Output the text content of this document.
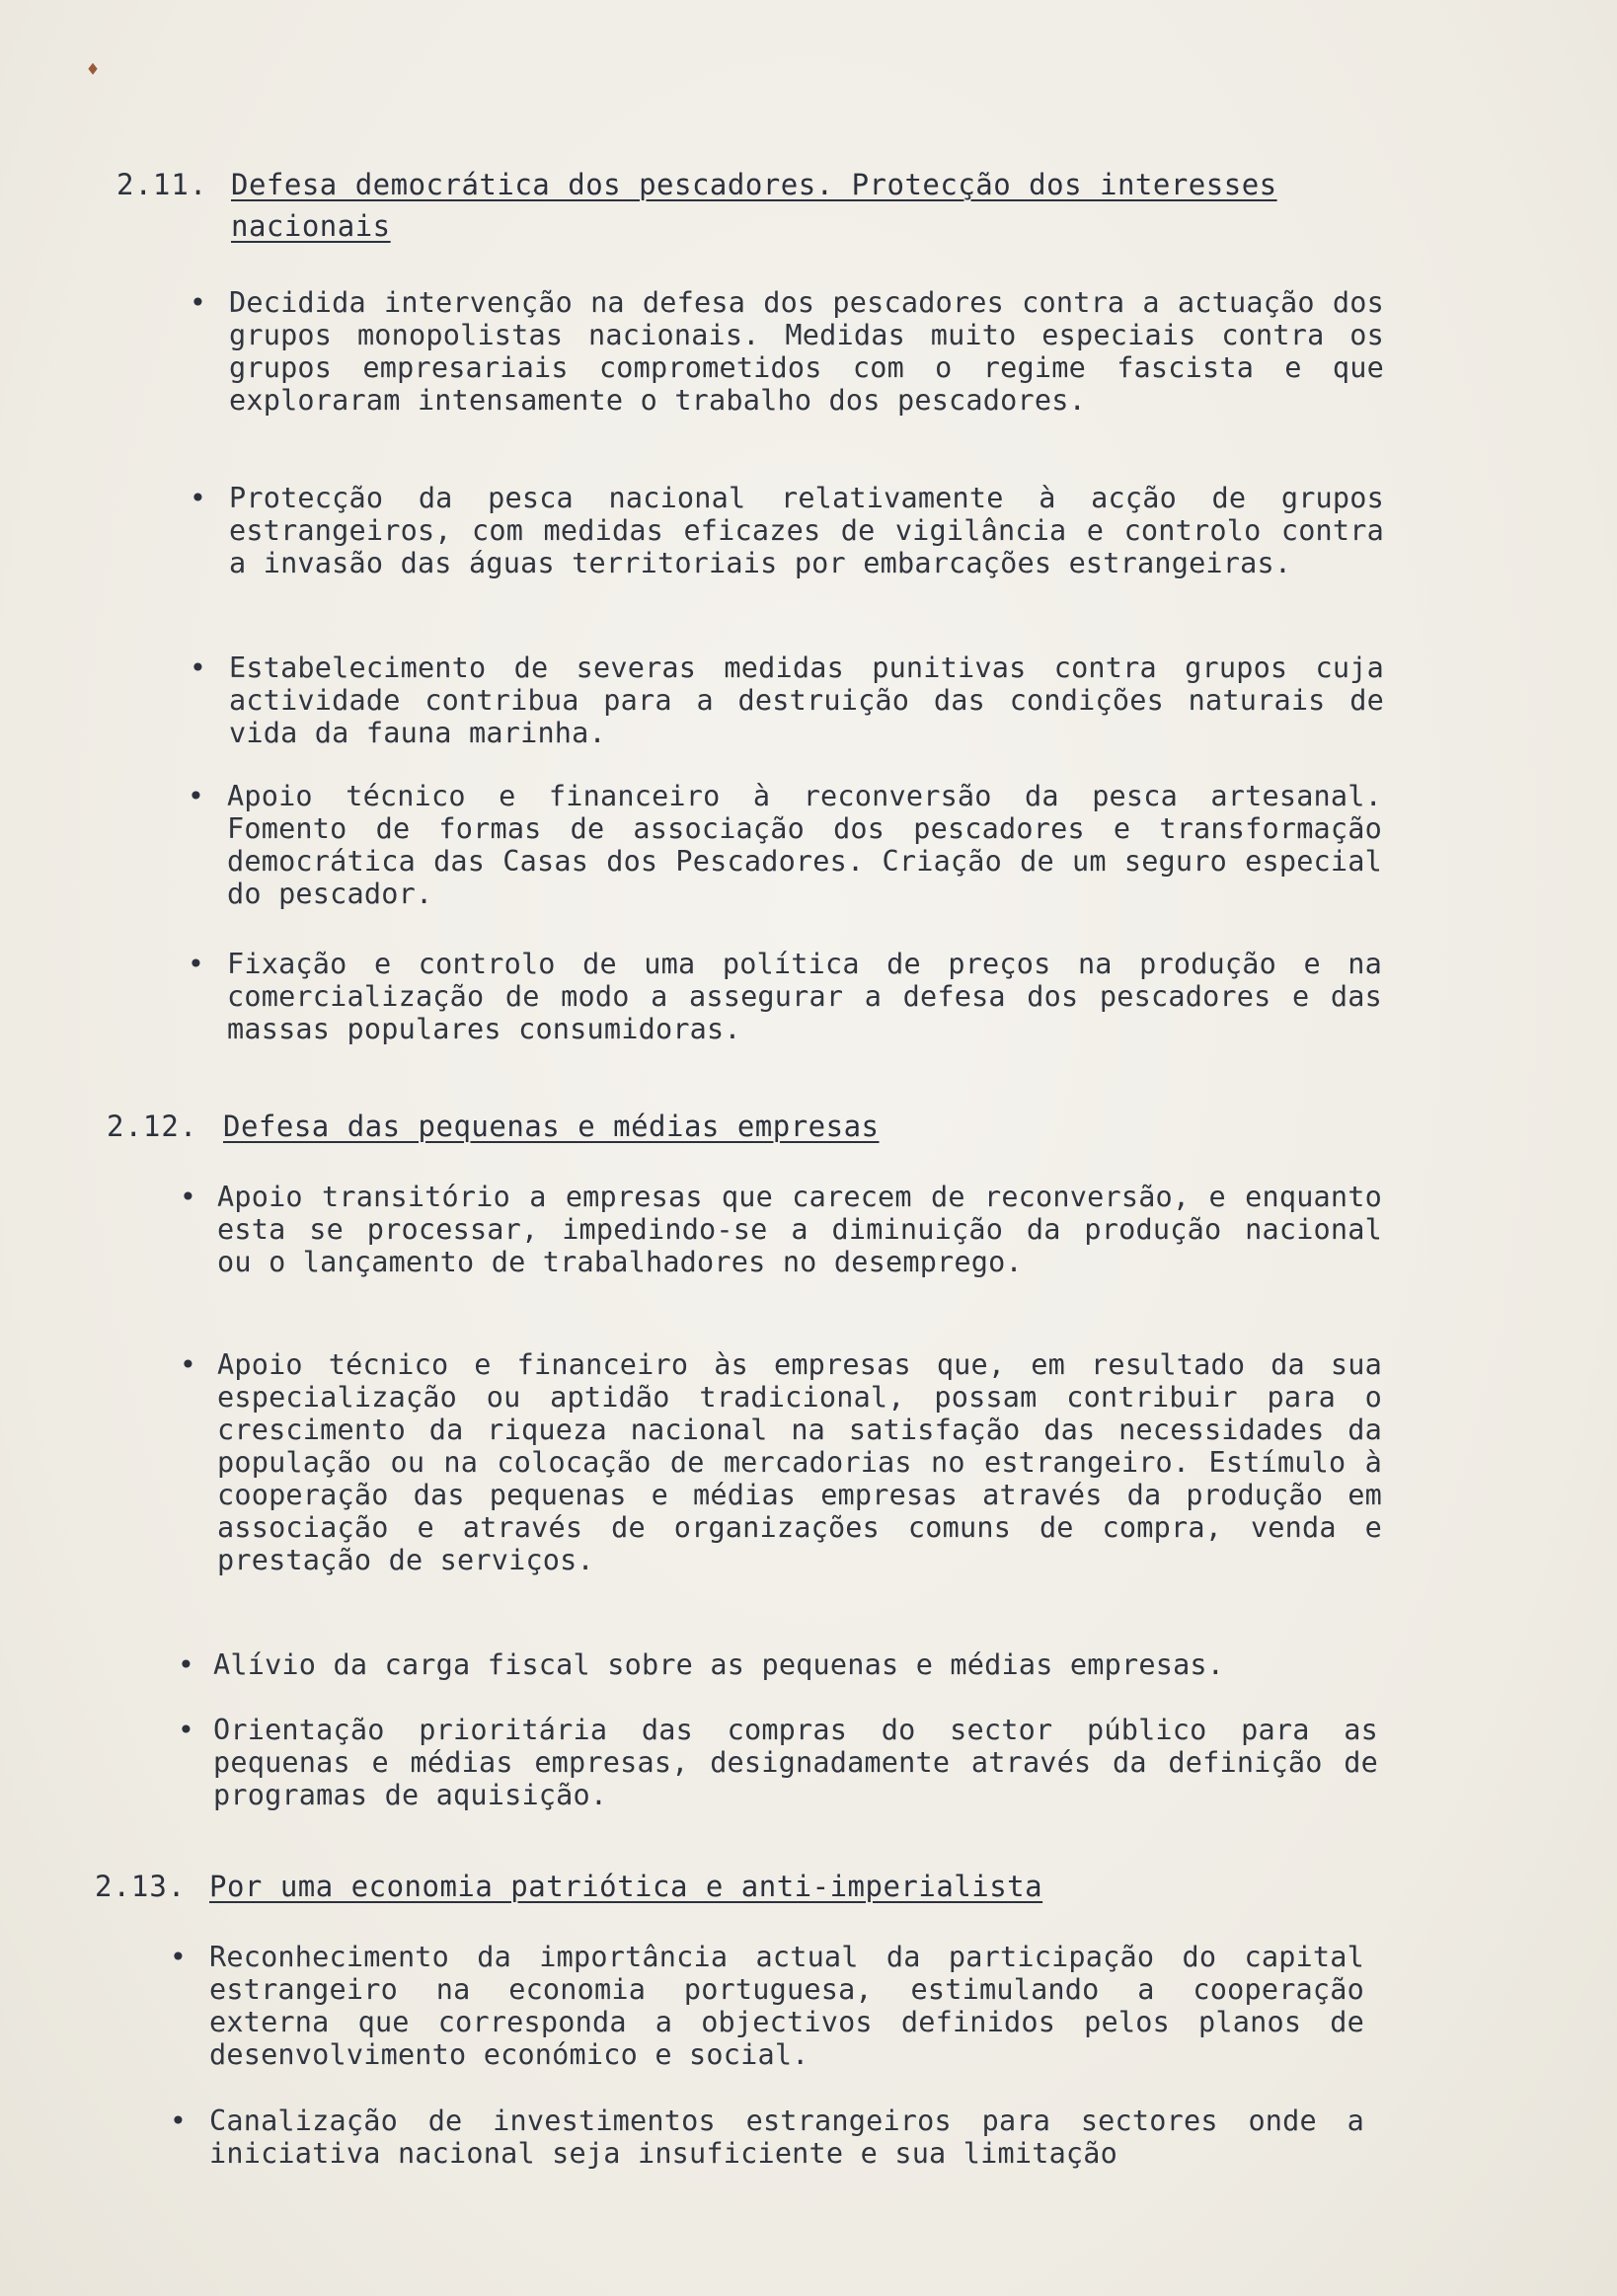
♦
2.11. Defesa democrática dos pescadores. Protecção dos interesses nacionais
• Decidida intervenção na defesa dos pescadores contra a actuação dos grupos monopolistas nacionais. Medidas muito especiais contra os grupos empresariais comprometidos com o regime fascista e que exploraram intensamente o trabalho dos pescadores.
• Protecção da pesca nacional relativamente à acção de grupos estrangeiros, com medidas eficazes de vigilância e controlo contra a invasão das águas territoriais por embarcações estrangeiras.
• Estabelecimento de severas medidas punitivas contra grupos cuja actividade contribua para a destruição das condições naturais de vida da fauna marinha.
• Apoio técnico e financeiro à reconversão da pesca artesanal. Fomento de formas de associação dos pescadores e transformação democrática das Casas dos Pescadores. Criação de um seguro especial do pescador.
• Fixação e controlo de uma política de preços na produção e na comercialização de modo a assegurar a defesa dos pescadores e das massas populares consumidoras.
2.12. Defesa das pequenas e médias empresas
• Apoio transitório a empresas que carecem de reconversão, e enquanto esta se processar, impedindo-se a diminuição da produção nacional ou o lançamento de trabalhadores no desemprego.
• Apoio técnico e financeiro às empresas que, em resultado da sua especialização ou aptidão tradicional, possam contribuir para o crescimento da riqueza nacional na satisfação das necessidades da população ou na colocação de mercadorias no estrangeiro. Estímulo à cooperação das pequenas e médias empresas através da produção em associação e através de organizações comuns de compra, venda e prestação de serviços.
• Alívio da carga fiscal sobre as pequenas e médias empresas.
• Orientação prioritária das compras do sector público para as pequenas e médias empresas, designadamente através da definição de programas de aquisição.
2.13. Por uma economia patriótica e anti-imperialista
• Reconhecimento da importância actual da participação do capital estrangeiro na economia portuguesa, estimulando a cooperação externa que corresponda a objectivos definidos pelos planos de desenvolvimento económico e social.
• Canalização de investimentos estrangeiros para sectores onde a iniciativa nacional seja insuficiente e sua limitação
